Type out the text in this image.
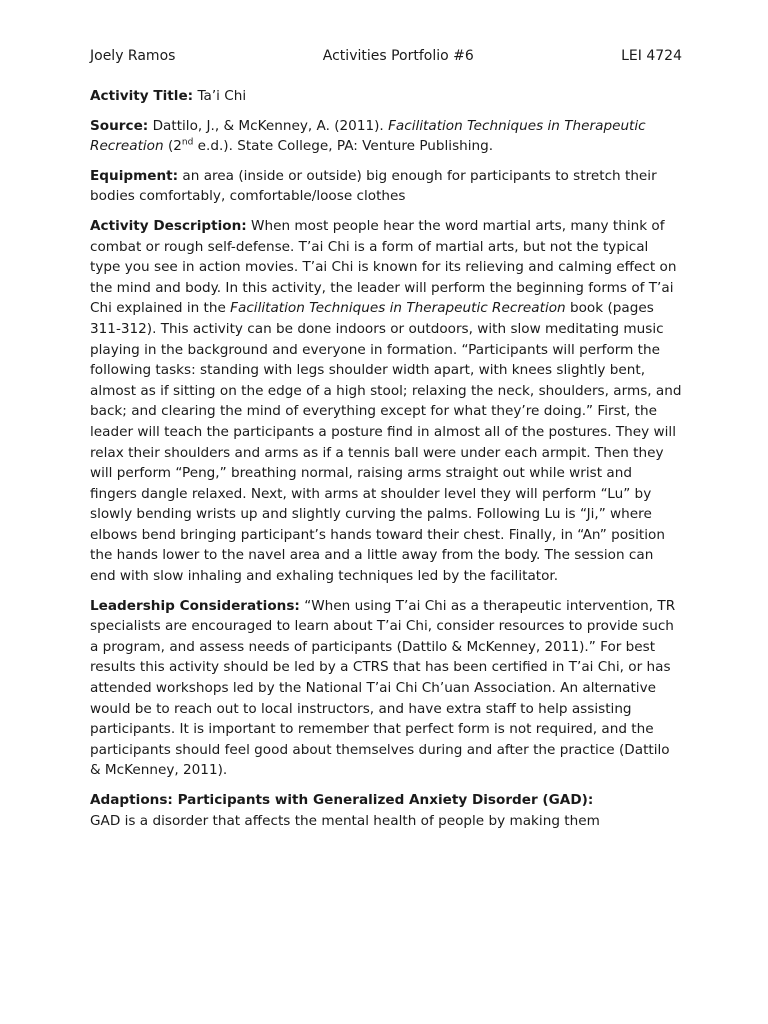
Joely Ramos	Activities Portfolio #6	LEI 4724

Activity Title: Ta’i Chi

Source: Dattilo, J., & McKenney, A. (2011). Facilitation Techniques in Therapeutic Recreation (2nd e.d.). State College, PA: Venture Publishing.

Equipment: an area (inside or outside) big enough for participants to stretch their bodies comfortably, comfortable/loose clothes

Activity Description: When most people hear the word martial arts, many think of combat or rough self-defense. T’ai Chi is a form of martial arts, but not the typical type you see in action movies. T’ai Chi is known for its relieving and calming effect on the mind and body. In this activity, the leader will perform the beginning forms of T’ai Chi explained in the Facilitation Techniques in Therapeutic Recreation book (pages 311-312). This activity can be done indoors or outdoors, with slow meditating music playing in the background and everyone in formation. “Participants will perform the following tasks: standing with legs shoulder width apart, with knees slightly bent, almost as if sitting on the edge of a high stool; relaxing the neck, shoulders, arms, and back; and clearing the mind of everything except for what they’re doing.” First, the leader will teach the participants a posture find in almost all of the postures. They will relax their shoulders and arms as if a tennis ball were under each armpit. Then they will perform “Peng,” breathing normal, raising arms straight out while wrist and fingers dangle relaxed. Next, with arms at shoulder level they will perform “Lu” by slowly bending wrists up and slightly curving the palms. Following Lu is “Ji,” where elbows bend bringing participant’s hands toward their chest. Finally, in “An” position the hands lower to the navel area and a little away from the body. The session can end with slow inhaling and exhaling techniques led by the facilitator.

Leadership Considerations: “When using T’ai Chi as a therapeutic intervention, TR specialists are encouraged to learn about T’ai Chi, consider resources to provide such a program, and assess needs of participants (Dattilo & McKenney, 2011).” For best results this activity should be led by a CTRS that has been certified in T’ai Chi, or has attended workshops led by the National T’ai Chi Ch’uan Association. An alternative would be to reach out to local instructors, and have extra staff to help assisting participants. It is important to remember that perfect form is not required, and the participants should feel good about themselves during and after the practice (Dattilo & McKenney, 2011).

Adaptions: Participants with Generalized Anxiety Disorder (GAD):
GAD is a disorder that affects the mental health of people by making them
